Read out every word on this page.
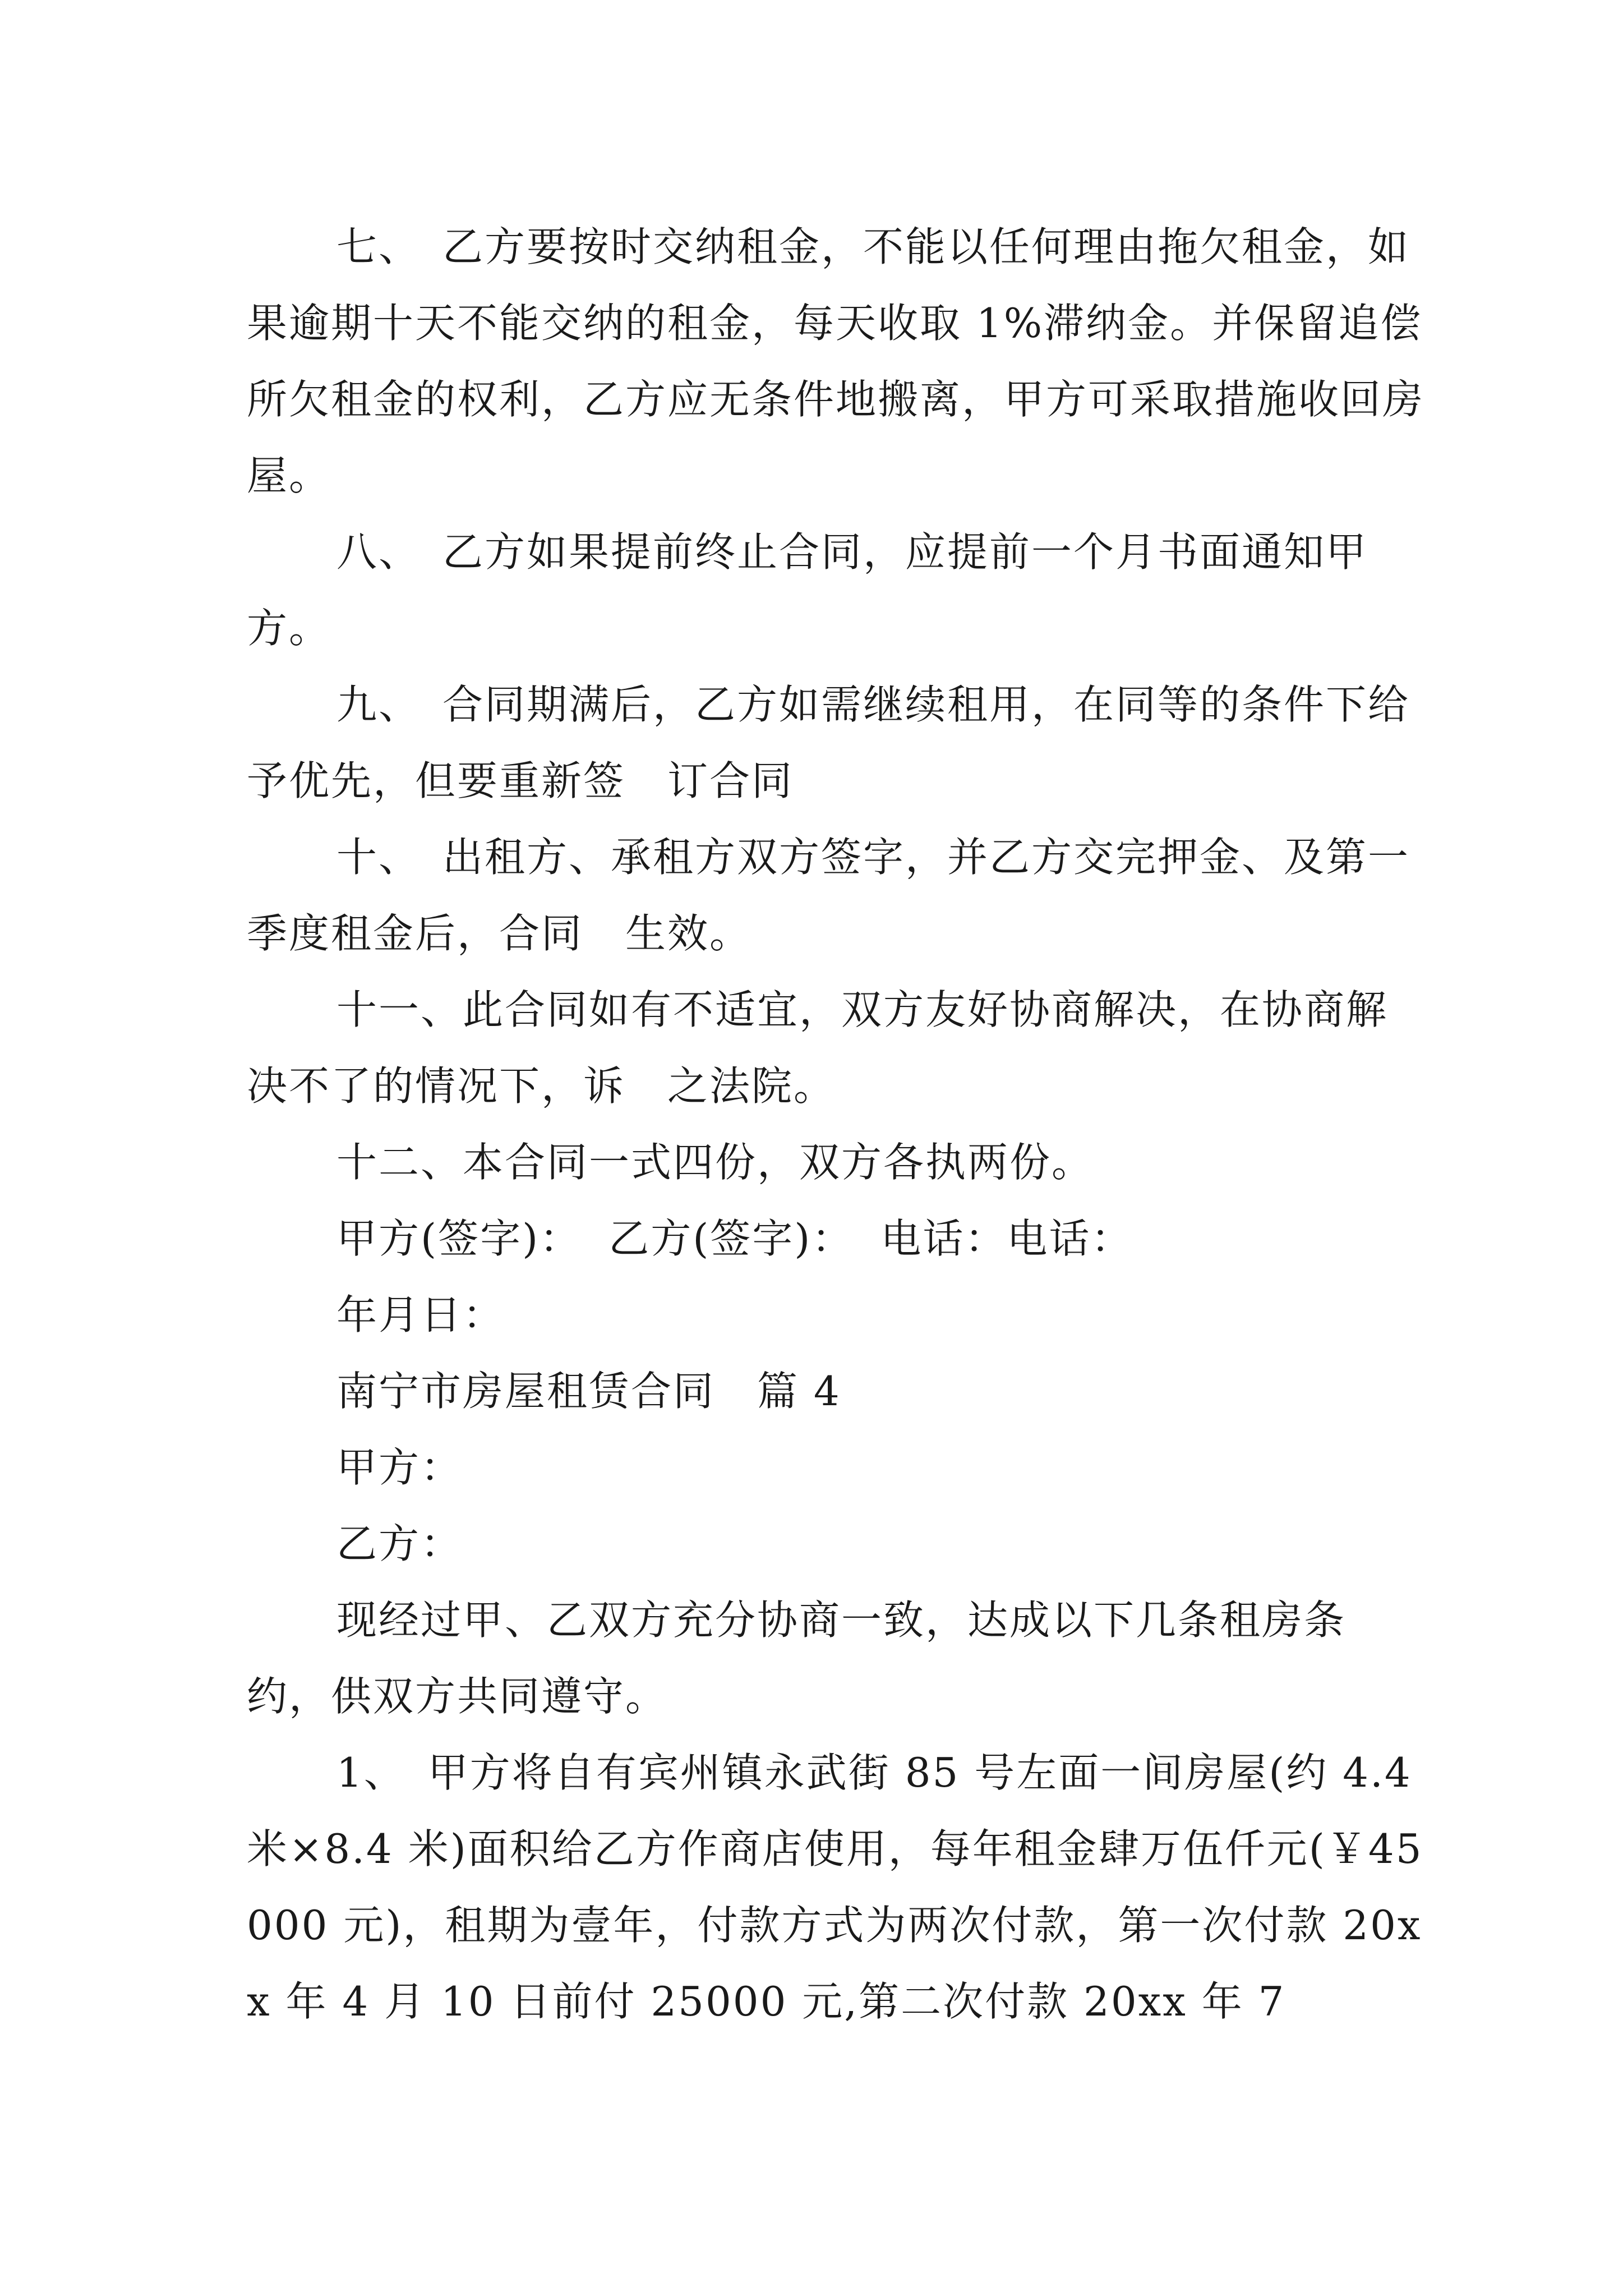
七、　乙方要按时交纳租金，不能以任何理由拖欠租金，如果逾期十天不能交纳的租金，每天收取 1%滞纳金。并保留追偿所欠租金的权利，乙方应无条件地搬离，甲方可采取措施收回房屋。

八、　乙方如果提前终止合同，应提前一个月书面通知甲方。

九、　合同期满后，乙方如需继续租用，在同等的条件下给予优先，但要重新签　订合同

十、　出租方、承租方双方签字，并乙方交完押金、及第一季度租金后，合同　生效。

十一、此合同如有不适宜，双方友好协商解决，在协商解决不了的情况下，诉　之法院。

十二、本合同一式四份，双方各执两份。

甲方(签字)： 乙方(签字)： 电话：电话：

年月日：

南宁市房屋租赁合同　篇 4

甲方：

乙方：

现经过甲、乙双方充分协商一致，达成以下几条租房条约，供双方共同遵守。

1、　甲方将自有宾州镇永武街 85 号左面一间房屋(约 4.4米×8.4 米)面积给乙方作商店使用，每年租金肆万伍仟元(￥45000 元)，租期为壹年，付款方式为两次付款，第一次付款 20xx 年 4 月 10 日前付 25000 元,第二次付款 20xx 年 7
